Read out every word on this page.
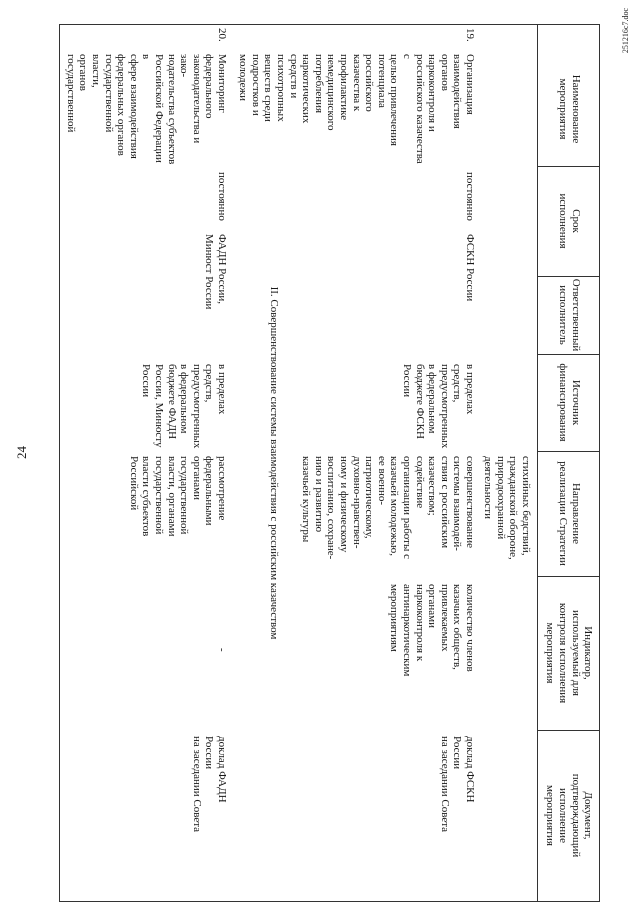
251216с7.doc
Наименование мероприятия
Срок
исполнения
Ответственный
исполнитель
Источник
финансирования
Направление
реализации Стратегии
Индикатор,
используемый для
контроля исполнения
мероприятия
Документ,
подтверждающий
исполнение
мероприятия
стихийных бедствий,
гражданской обороне,
природоохранной
деятельности
19.
Организация
взаимодействия органов
наркоконтроля и
российского казачества с
целью привлечения
потенциала российского
казачества к профилактике
немедицинского
потребления наркотических
средств и психотропных
веществ среди подростков и
молодежи
постоянно
ФСКН России
в пределах
средств,
предусмотренных
в федеральном
бюджете ФСКН
России
совершенствование
системы взаимодей-
ствия с российским
казачеством;
содействие
организации работы с
казачьей молодежью,
ее военно-
патриотическому,
духовно-нравствен-
ному и физическому
воспитанию, сохране-
нию и развитию
казачьей культуры
количество членов
казачьих обществ,
привлекаемых
органами
наркоконтроля к
антинаркотическим
мероприятиям
доклад ФСКН
России
на заседании Совета
II. Совершенствование системы взаимодействия с российским казачеством
20.
Мониторинг федерального
законодательства и зако-
нодательства субъектов
Российской Федерации в
сфере взаимодействия
федеральных органов
государственной власти,
органов государственной
постоянно
ФАДН России,
Минюст России
в пределах
средств,
предусмотренных
в федеральном
бюджете ФАДН
России, Минюсту
России
рассмотрение
федеральными
органами
государственной
власти, органами
государственной
власти субъектов
Российской
-
доклад ФАДН
России
на заседании Совета
24
